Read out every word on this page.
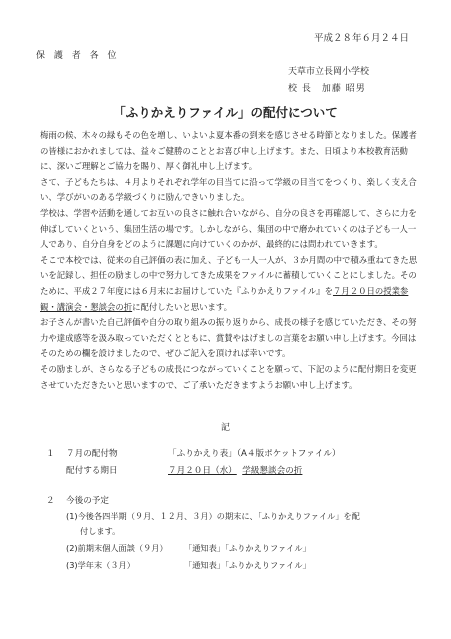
平成２８年６月２４日
保 護 者 各 位
天草市立長岡小学校
校 長　加藤 昭男
「ふりかえりファイル」の配付について

梅雨の候、木々の緑もその色を増し、いよいよ夏本番の到来を感じさせる時節となりました。保護者の皆様におかれましては、益々ご健勝のこととお喜び申し上げます。また、日頃より本校教育活動に、深いご理解とご協力を賜り、厚く御礼申し上げます。

さて、子どもたちは、４月よりそれぞれ学年の目当てに沿って学級の目当てをつくり、楽しく支え合い、学びがいのある学級づくりに励んできいりました。

学校は、学習や活動を通してお互いの良さに触れ合いながら、自分の良さを再確認して、さらに力を伸ばしていくという、集団生活の場です。しかしながら、集団の中で磨かれていくのは子ども一人一人であり、自分自身をどのように課題に向けていくのかが、最終的には問われていきます。

そこで本校では、従来の自己評価の表に加え、子ども一人一人が、３か月間の中で積み重ねてきた思いを記録し、担任の励ましの中で努力してきた成果をファイルに蓄積していくことにしました。そのために、平成２７年度には６月末にお届けしていた『ふりかえりファイル』を７月２０日の授業参観・講演会・懇談会の折に配付したいと思います。

お子さんが書いた自己評価や自分の取り組みの振り返りから、成長の様子を感じていただき、その努力や達成感等を汲み取っていただくとともに、賞賛やはげましの言葉をお願い申し上げます。今回はそのための欄を設けましたので、ぜひご記入を頂ければ幸いです。

その励ましが、さらなる子どもの成長につながっていくことを願って、下記のように配付期日を変更させていただきたいと思いますので、ご了承いただきますようお願い申し上げます。

記
１ ７月の配付物	「ふりかえり表」（A４版ポケットファイル）
配付する期日	７月２０日（水） 学級懇談会の折
２ 今後の予定
(1)今後各四半期（９月、１２月、３月）の期末に、「ふりかえりファイル」を配
付します。
(2)前期末個人面談（９月） 「通知表」「ふりかえりファイル」
(3)学年末（３月）	「通知表」「ふりかえりファイル」
